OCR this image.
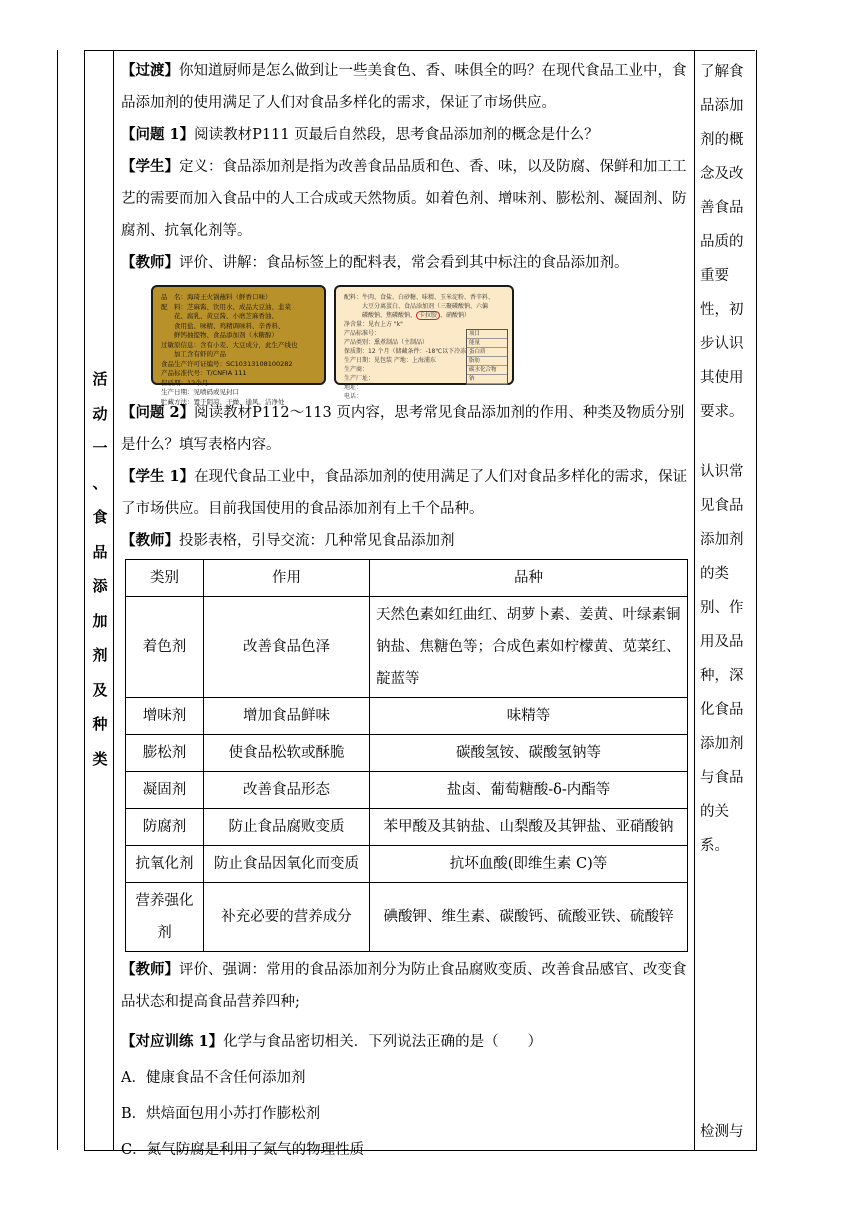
活
动
一
、
食
品
添
加
剂
及
种
类

【过渡】你知道厨师是怎么做到让一些美食色、香、味俱全的吗？在现代食品工业中，食品添加剂的使用满足了人们对食品多样化的需求，保证了市场供应。

【问题 1】阅读教材P111 页最后自然段，思考食品添加剂的概念是什么？

【学生】定义：食品添加剂是指为改善食品品质和色、香、味，以及防腐、保鲜和加工工艺的需要而加入食品中的人工合成或天然物质。如着色剂、增味剂、膨松剂、凝固剂、防腐剂、抗氧化剂等。

【教师】评价、讲解：食品标签上的配料表，常会看到其中标注的食品添加剂。

品　名：海琦王火锅蘸料（鲜香口味）
配　料：芝麻酱、饮用水、成品大豆油、韭菜
　　花、腐乳、黄豆酱、小磨芝麻香油、
　　食用盐、味精、鸡精调味料、辛香料、
　　鲜钙抽提物、食品添加剂（木糖醇）
过敏原信息：含有小麦、大豆成分，此生产线也
　　加工含有虾的产品
食品生产许可证编号：SC10313108100282
产品标准代号：T/CNFIA 111
保质期：12个月
生产日期：见喷码或见封口
贮藏方法：置于阴凉、干燥、通风、洁净处
配料：牛肉、食盐、白砂糖、味精、玉米淀粉、香辛料、
大豆分离蛋白、食品添加剂（三聚磷酸钠、六偏
磷酸钠、焦磷酸钠、 卡拉胶 、硝酸钠）
净含量：见右上方 "k"
产品标准号：
产品类别：熏煮制品（主制品）
保质期：12 个月（储藏条件：-18℃以下冷冻
生产日期：见包装 产地：上海浦东
生产商：
生产厂址：
地址：
电话：
项目
能量
蛋白质
脂肪
碳水化合物
钠

【问题 2】阅读教材P112～113 页内容，思考常见食品添加剂的作用、种类及物质分别是什么？填写表格内容。

【学生 1】在现代食品工业中，食品添加剂的使用满足了人们对食品多样化的需求，保证了市场供应。目前我国使用的食品添加剂有上千个品种。

【教师】投影表格，引导交流：几种常见食品添加剂

类别	作用	品种
着色剂	改善食品色泽	天然色素如红曲红、胡萝卜素、姜黄、叶绿素铜钠盐、焦糖色等；合成色素如柠檬黄、苋菜红、靛蓝等
增味剂	增加食品鲜味	味精等
膨松剂	使食品松软或酥脆	碳酸氢铵、碳酸氢钠等
凝固剂	改善食品形态	盐卤、葡萄糖酸-δ-内酯等
防腐剂	防止食品腐败变质	苯甲酸及其钠盐、山梨酸及其钾盐、亚硝酸钠
抗氧化剂	防止食品因氧化而变质	抗坏血酸(即维生素 C)等
营养强化剂	补充必要的营养成分	碘酸钾、维生素、碳酸钙、硫酸亚铁、硫酸锌

【教师】评价、强调：常用的食品添加剂分为防止食品腐败变质、改善食品感官、改变食品状态和提高食品营养四种;

【对应训练 1】化学与食品密切相关．下列说法正确的是（　　）

A．健康食品不含任何添加剂

B．烘焙面包用小苏打作膨松剂

C．氮气防腐是利用了氮气的物理性质

了解食

品添加

剂的概

念及改

善食品

品质的

重要

性，初

步认识

其使用

要求。

认识常

见食品

添加剂

的类

别、作

用及品

种，深

化食品

添加剂

与食品

的关

系。

检测与
